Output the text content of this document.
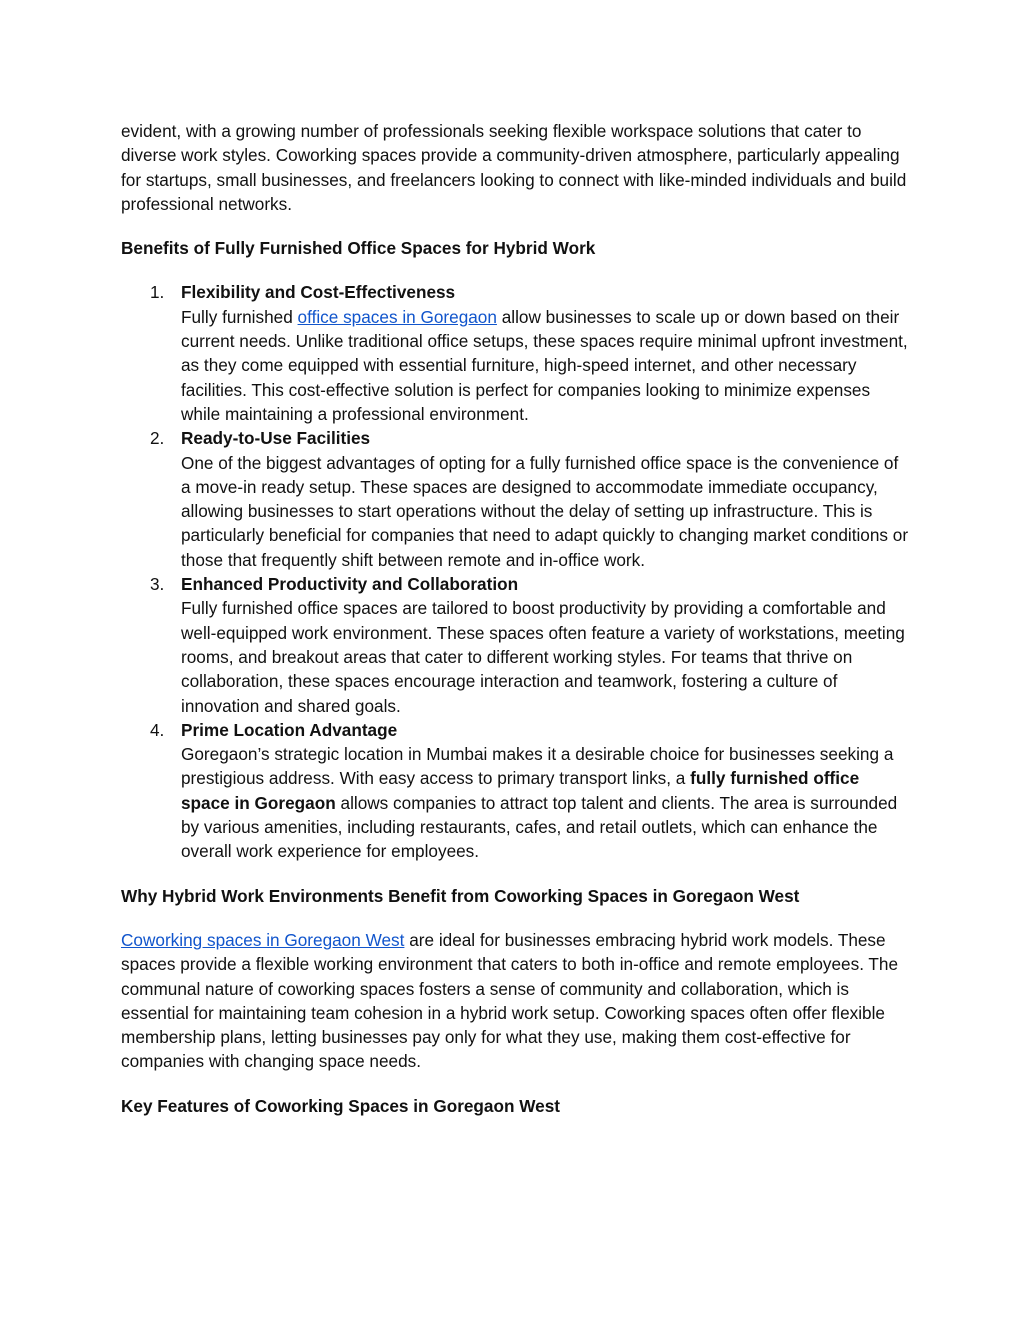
evident, with a growing number of professionals seeking flexible workspace solutions that cater to diverse work styles. Coworking spaces provide a community-driven atmosphere, particularly appealing for startups, small businesses, and freelancers looking to connect with like-minded individuals and build professional networks.

Benefits of Fully Furnished Office Spaces for Hybrid Work
1. Flexibility and Cost-Effectiveness
Fully furnished office spaces in Goregaon allow businesses to scale up or down based on their current needs. Unlike traditional office setups, these spaces require minimal upfront investment, as they come equipped with essential furniture, high-speed internet, and other necessary facilities. This cost-effective solution is perfect for companies looking to minimize expenses while maintaining a professional environment.
2. Ready-to-Use Facilities
One of the biggest advantages of opting for a fully furnished office space is the convenience of a move-in ready setup. These spaces are designed to accommodate immediate occupancy, allowing businesses to start operations without the delay of setting up infrastructure. This is particularly beneficial for companies that need to adapt quickly to changing market conditions or those that frequently shift between remote and in-office work.
3. Enhanced Productivity and Collaboration
Fully furnished office spaces are tailored to boost productivity by providing a comfortable and well-equipped work environment. These spaces often feature a variety of workstations, meeting rooms, and breakout areas that cater to different working styles. For teams that thrive on collaboration, these spaces encourage interaction and teamwork, fostering a culture of innovation and shared goals.
4. Prime Location Advantage
Goregaon’s strategic location in Mumbai makes it a desirable choice for businesses seeking a prestigious address. With easy access to primary transport links, a fully furnished office space in Goregaon allows companies to attract top talent and clients. The area is surrounded by various amenities, including restaurants, cafes, and retail outlets, which can enhance the overall work experience for employees.
Why Hybrid Work Environments Benefit from Coworking Spaces in Goregaon West

Coworking spaces in Goregaon West are ideal for businesses embracing hybrid work models. These spaces provide a flexible working environment that caters to both in-office and remote employees. The communal nature of coworking spaces fosters a sense of community and collaboration, which is essential for maintaining team cohesion in a hybrid work setup. Coworking spaces often offer flexible membership plans, letting businesses pay only for what they use, making them cost-effective for companies with changing space needs.

Key Features of Coworking Spaces in Goregaon West
